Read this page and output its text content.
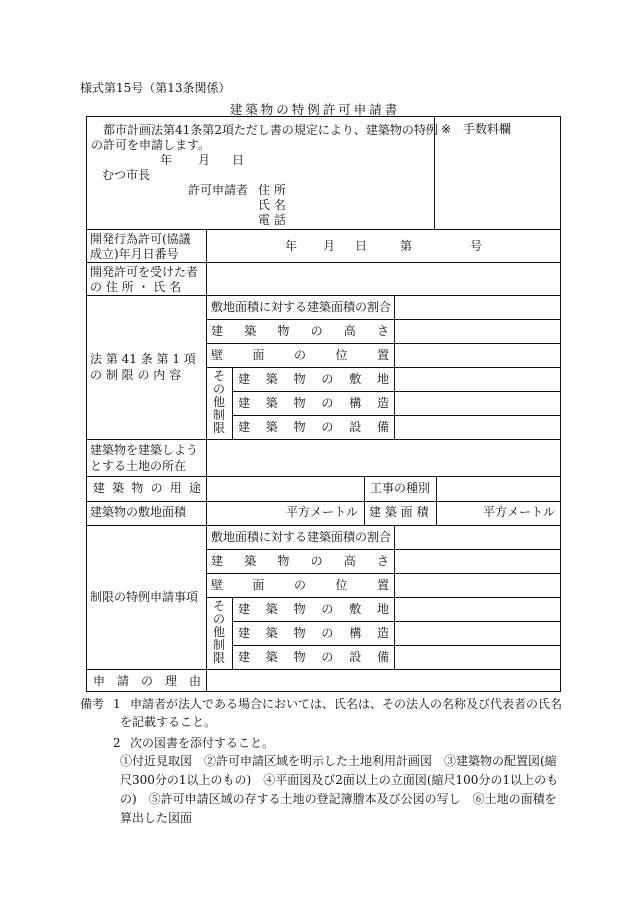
様式第15号（第13条関係）
建築物の特例許可申請書
都市計画法第41条第2項ただし書の規定により、建築物の特例
の許可を申請します。
年 月 日
むつ市長
許可申請者 住 所
氏 名
電 話
※ 手数料欄
開発行為許可(協議
成立)年月日番号
年 月 日	第	号
開発許可を受けた者
の 住 所 ・ 氏 名
法 第 41 条 第 1 項
の 制 限 の 内 容
敷地面積に対する建築面積の割合
建 築 物 の 高 さ
壁 面 の 位 置
そ
の
他
制
限
建 築 物 の 敷 地
建 築 物 の 構 造
建 築 物 の 設 備
建築物を建築しよう
とする土地の所在
建 築 物 の 用 途	工事の種別
建築物の敷地面積	平方メートル 建 築 面 積	平方メートル
制限の特例申請事項
敷地面積に対する建築面積の割合
建 築 物 の 高 さ
壁 面 の 位 置
そ
の
他
制
限
建 築 物 の 敷 地
建 築 物 の 構 造
建 築 物 の 設 備
申 請 の 理 由
備考 1 申請者が法人である場合においては、氏名は、その法人の名称及び代表者の氏名
を記載すること。
2 次の図書を添付すること。
①付近見取図　②許可申請区域を明示した土地利用計画図　③建築物の配置図(縮
尺300分の1以上のもの)　④平面図及び2面以上の立面図(縮尺100分の1以上のも
の)　⑤許可申請区域の存する土地の登記簿謄本及び公図の写し　⑥土地の面積を
算出した図面
